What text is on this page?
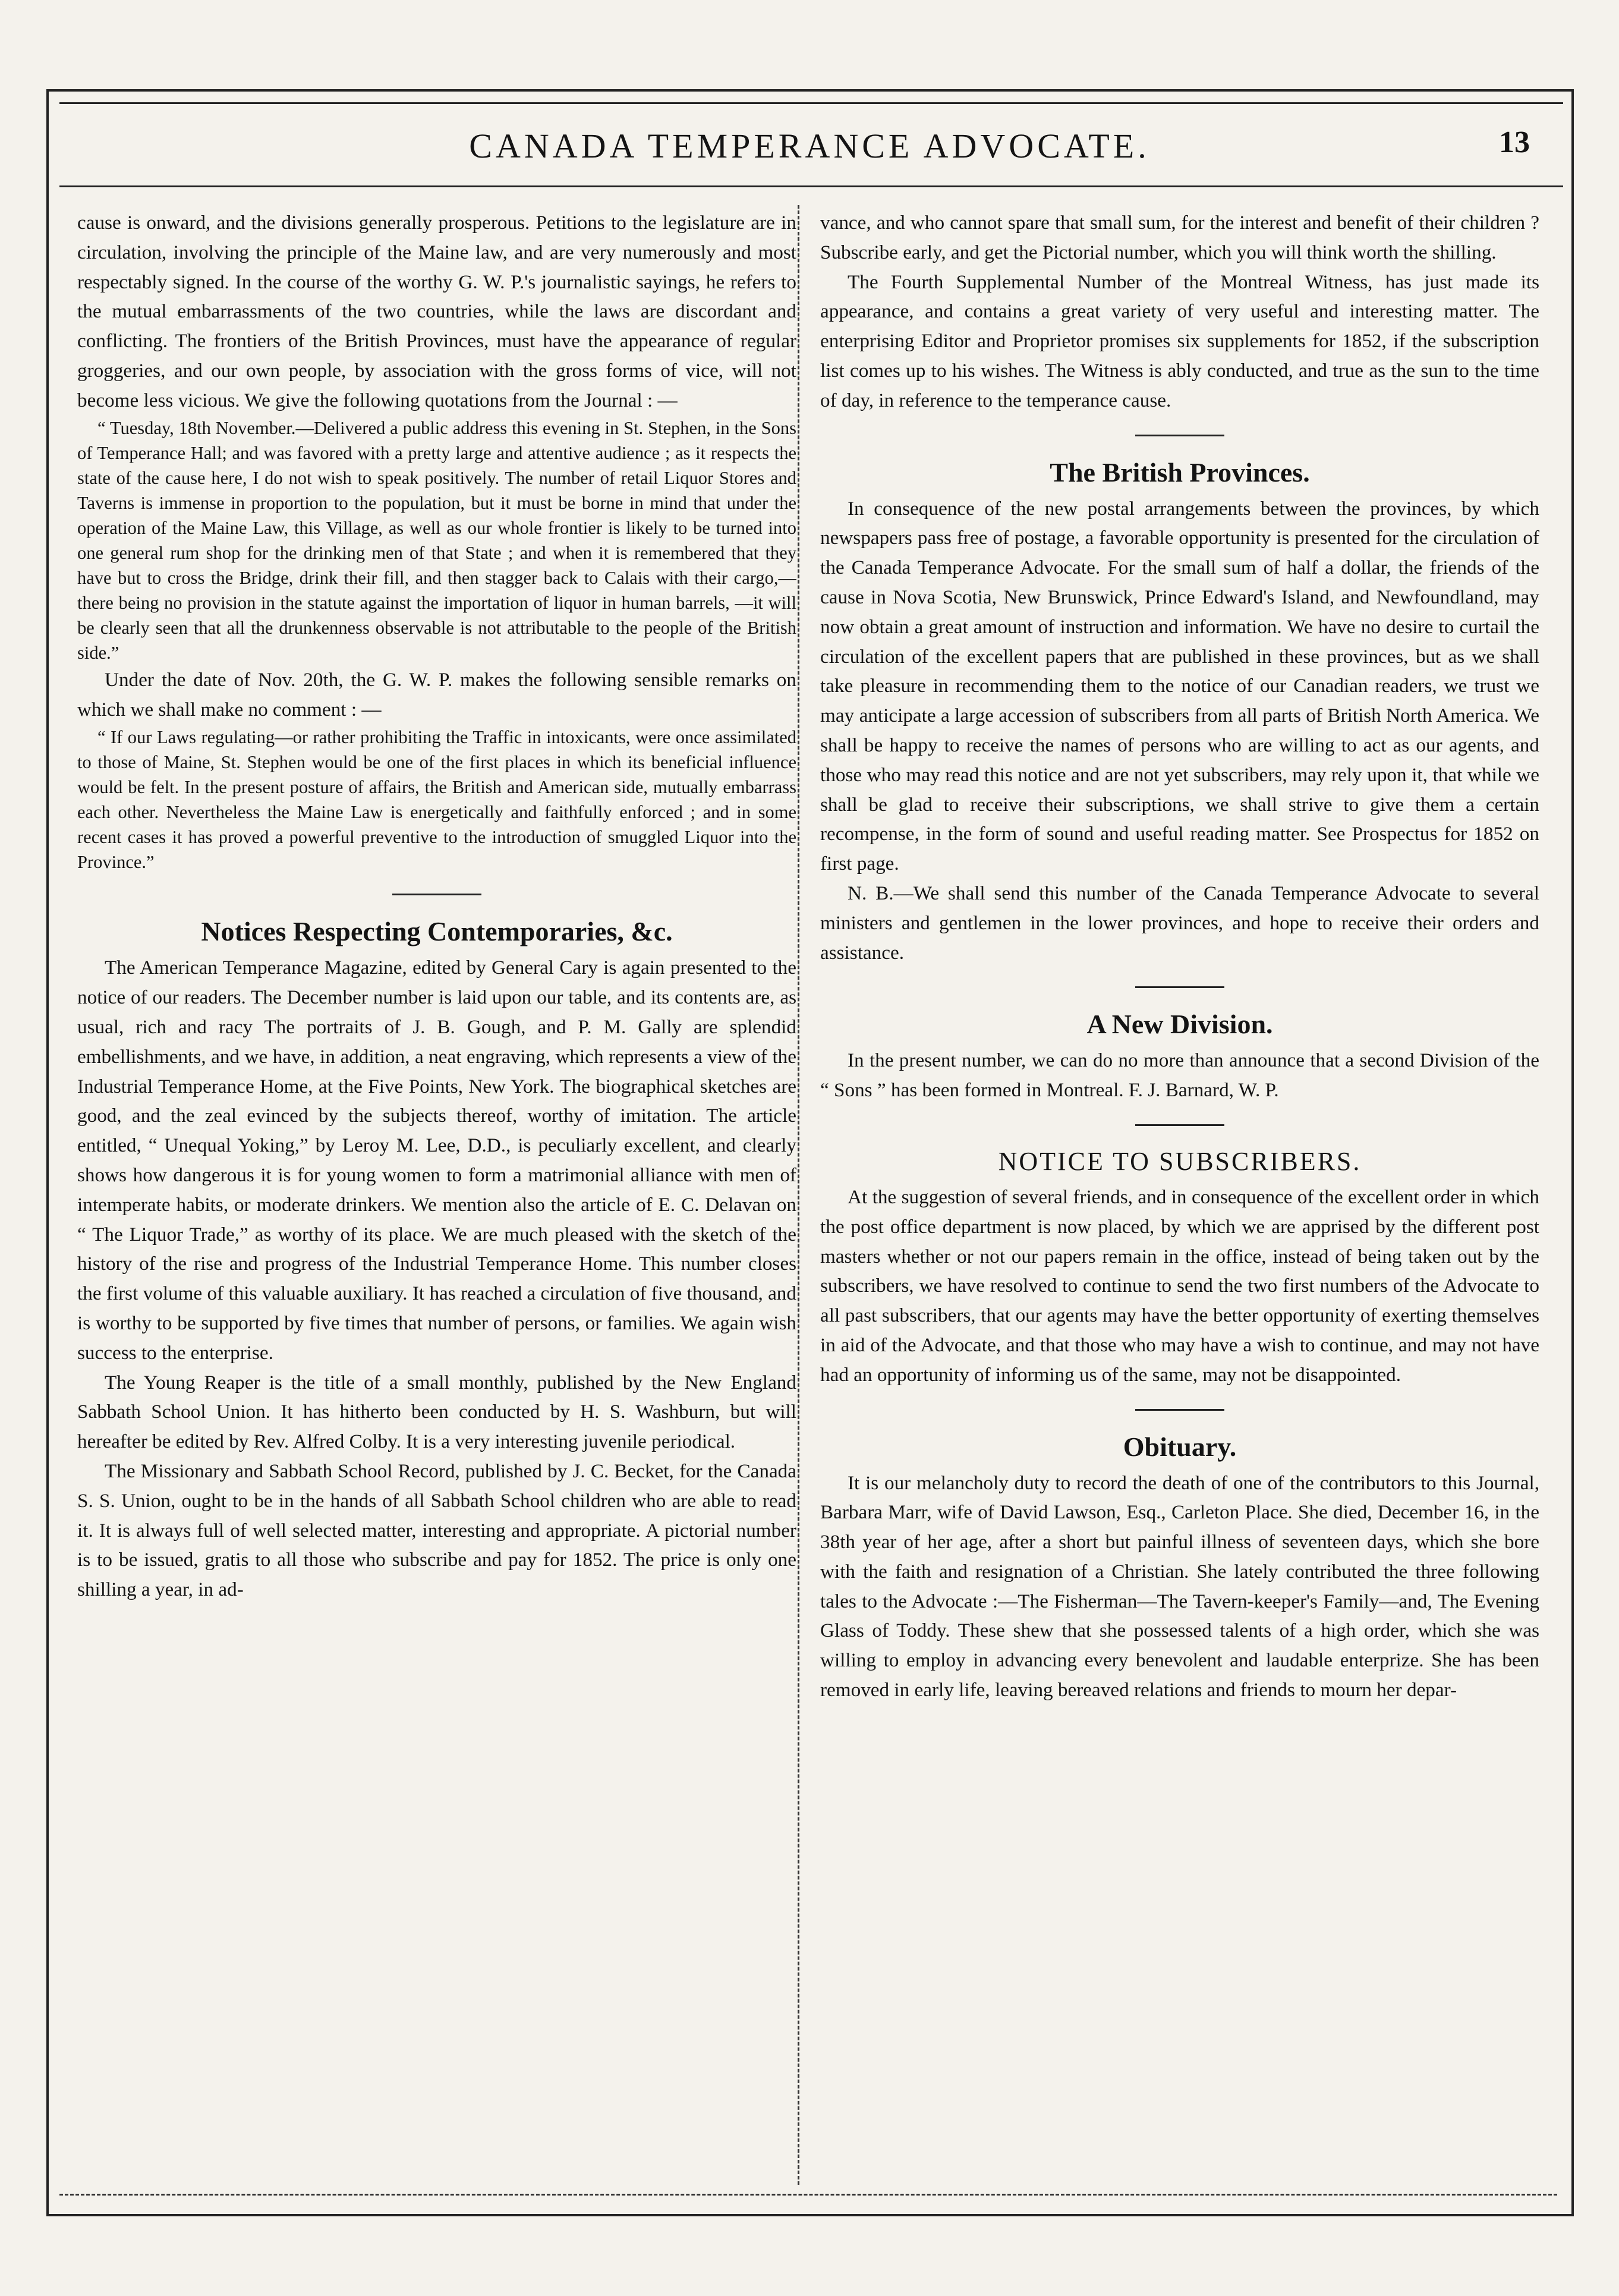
CANADA TEMPERANCE ADVOCATE.	13

cause is onward, and the divisions generally prosperous. Petitions to the legislature are in circulation, involving the principle of the Maine law, and are very numerously and most respectably signed. In the course of the worthy G. W. P.'s journalistic sayings, he refers to the mutual embarrassments of the two countries, while the laws are discordant and conflicting. The frontiers of the British Provinces, must have the appearance of regular groggeries, and our own people, by association with the gross forms of vice, will not become less vicious. We give the following quotations from the Journal : —

“ Tuesday, 18th November.—Delivered a public address this evening in St. Stephen, in the Sons of Temperance Hall; and was favored with a pretty large and attentive audience ; as it respects the state of the cause here, I do not wish to speak positively. The number of retail Liquor Stores and Taverns is immense in proportion to the population, but it must be borne in mind that under the operation of the Maine Law, this Village, as well as our whole frontier is likely to be turned into one general rum shop for the drinking men of that State ; and when it is remembered that they have but to cross the Bridge, drink their fill, and then stagger back to Calais with their cargo,—there being no provision in the statute against the importation of liquor in human barrels, —it will be clearly seen that all the drunkenness observable is not attributable to the people of the British side.”

Under the date of Nov. 20th, the G. W. P. makes the following sensible remarks on which we shall make no comment : —

“ If our Laws regulating—or rather prohibiting the Traffic in intoxicants, were once assimilated to those of Maine, St. Stephen would be one of the first places in which its beneficial influence would be felt. In the present posture of affairs, the British and American side, mutually embarrass each other. Nevertheless the Maine Law is energetically and faithfully enforced ; and in some recent cases it has proved a powerful preventive to the introduction of smuggled Liquor into the Province.”

Notices Respecting Contemporaries, &c.

The American Temperance Magazine, edited by General Cary is again presented to the notice of our readers. The December number is laid upon our table, and its contents are, as usual, rich and racy The portraits of J. B. Gough, and P. M. Gally are splendid embellishments, and we have, in addition, a neat engraving, which represents a view of the Industrial Temperance Home, at the Five Points, New York. The biographical sketches are good, and the zeal evinced by the subjects thereof, worthy of imitation. The article entitled, “ Unequal Yoking,” by Leroy M. Lee, D.D., is peculiarly excellent, and clearly shows how dangerous it is for young women to form a matrimonial alliance with men of intemperate habits, or moderate drinkers. We mention also the article of E. C. Delavan on “ The Liquor Trade,” as worthy of its place. We are much pleased with the sketch of the history of the rise and progress of the Industrial Temperance Home. This number closes the first volume of this valuable auxiliary. It has reached a circulation of five thousand, and is worthy to be supported by five times that number of persons, or families. We again wish success to the enterprise.

The Young Reaper is the title of a small monthly, published by the New England Sabbath School Union. It has hitherto been conducted by H. S. Washburn, but will hereafter be edited by Rev. Alfred Colby. It is a very interesting juvenile periodical.

The Missionary and Sabbath School Record, published by J. C. Becket, for the Canada S. S. Union, ought to be in the hands of all Sabbath School children who are able to read it. It is always full of well selected matter, interesting and appropriate. A pictorial number is to be issued, gratis to all those who subscribe and pay for 1852. The price is only one shilling a year, in ad-

vance, and who cannot spare that small sum, for the interest and benefit of their children ? Subscribe early, and get the Pictorial number, which you will think worth the shilling.

The Fourth Supplemental Number of the Montreal Witness, has just made its appearance, and contains a great variety of very useful and interesting matter. The enterprising Editor and Proprietor promises six supplements for 1852, if the subscription list comes up to his wishes. The Witness is ably conducted, and true as the sun to the time of day, in reference to the temperance cause.

The British Provinces.

In consequence of the new postal arrangements between the provinces, by which newspapers pass free of postage, a favorable opportunity is presented for the circulation of the Canada Temperance Advocate. For the small sum of half a dollar, the friends of the cause in Nova Scotia, New Brunswick, Prince Edward's Island, and Newfoundland, may now obtain a great amount of instruction and information. We have no desire to curtail the circulation of the excellent papers that are published in these provinces, but as we shall take pleasure in recommending them to the notice of our Canadian readers, we trust we may anticipate a large accession of subscribers from all parts of British North America. We shall be happy to receive the names of persons who are willing to act as our agents, and those who may read this notice and are not yet subscribers, may rely upon it, that while we shall be glad to receive their subscriptions, we shall strive to give them a certain recompense, in the form of sound and useful reading matter. See Prospectus for 1852 on first page.

N. B.—We shall send this number of the Canada Temperance Advocate to several ministers and gentlemen in the lower provinces, and hope to receive their orders and assistance.

A New Division.

In the present number, we can do no more than announce that a second Division of the “ Sons ” has been formed in Montreal. F. J. Barnard, W. P.

NOTICE TO SUBSCRIBERS.

At the suggestion of several friends, and in consequence of the excellent order in which the post office department is now placed, by which we are apprised by the different post masters whether or not our papers remain in the office, instead of being taken out by the subscribers, we have resolved to continue to send the two first numbers of the Advocate to all past subscribers, that our agents may have the better opportunity of exerting themselves in aid of the Advocate, and that those who may have a wish to continue, and may not have had an opportunity of informing us of the same, may not be disappointed.

Obituary.

It is our melancholy duty to record the death of one of the contributors to this Journal, Barbara Marr, wife of David Lawson, Esq., Carleton Place. She died, December 16, in the 38th year of her age, after a short but painful illness of seventeen days, which she bore with the faith and resignation of a Christian. She lately contributed the three following tales to the Advocate :—The Fisherman—The Tavern-keeper's Family—and, The Evening Glass of Toddy. These shew that she possessed talents of a high order, which she was willing to employ in advancing every benevolent and laudable enterprize. She has been removed in early life, leaving bereaved relations and friends to mourn her depar-
